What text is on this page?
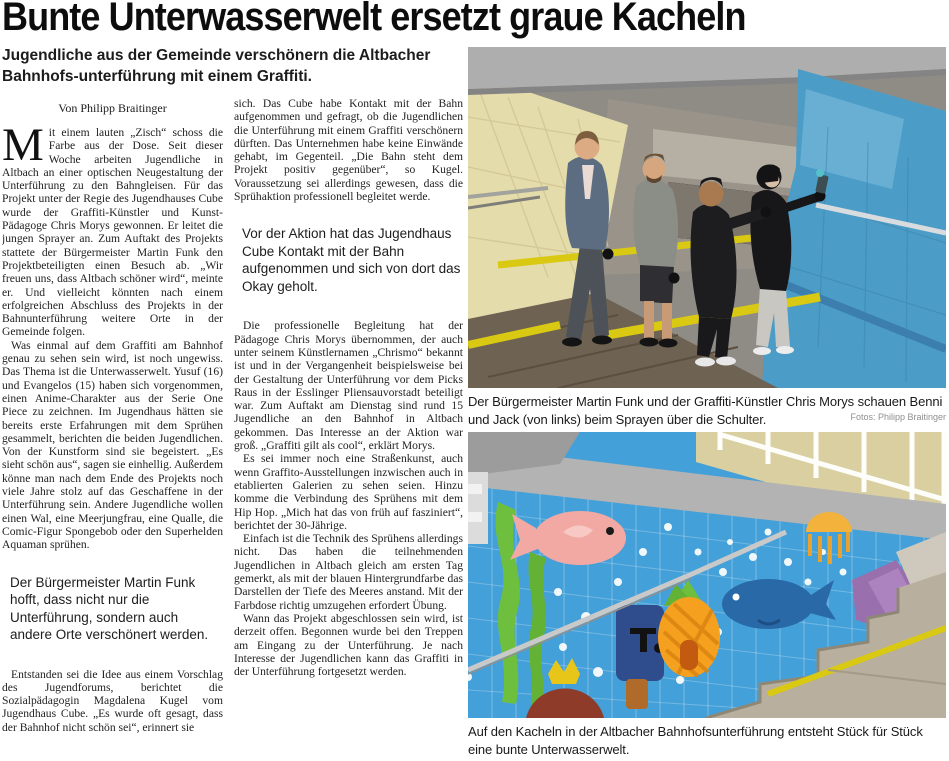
Bunte Unterwasserwelt ersetzt graue Kacheln

Jugendliche aus der Gemeinde verschönern die Altbacher Bahnhofs-unterführung mit einem Graffiti.

Von Philipp Braitinger

Mit einem lauten „Zisch“ schoss die Farbe aus der Dose. Seit dieser Woche arbeiten Jugendliche in Altbach an einer optischen Neugestaltung der Unterführung zu den Bahngleisen. Für das Projekt unter der Regie des Jugendhauses Cube wurde der Graffiti-Künstler und Kunst-Pädagoge Chris Morys gewonnen. Er leitet die jungen Sprayer an. Zum Auftakt des Projekts stattete der Bürgermeister Martin Funk den Projektbeteiligten einen Besuch ab. „Wir freuen uns, dass Altbach schöner wird“, meinte er. Und vielleicht könnten nach einem erfolgreichen Abschluss des Projekts in der Bahnunterführung weitere Orte in der Gemeinde folgen.

Was einmal auf dem Graffiti am Bahnhof genau zu sehen sein wird, ist noch ungewiss. Das Thema ist die Unterwasserwelt. Yusuf (16) und Evangelos (15) haben sich vorgenommen, einen Anime-Charakter aus der Serie One Piece zu zeichnen. Im Jugendhaus hätten sie bereits erste Erfahrungen mit dem Sprühen gesammelt, berichten die beiden Jugendlichen. Von der Kunstform sind sie begeistert. „Es sieht schön aus“, sagen sie einhellig. Außerdem könne man nach dem Ende des Projekts noch viele Jahre stolz auf das Geschaffene in der Unterführung sein. Andere Jugendliche wollen einen Wal, eine Meerjungfrau, eine Qualle, die Comic-Figur Spongebob oder den Superhelden Aquaman sprühen.

Der Bürgermeister Martin Funk hofft, dass nicht nur die Unterführung, sondern auch andere Orte verschönert werden.

Entstanden sei die Idee aus einem Vorschlag des Jugendforums, berichtet die Sozialpädagogin Magdalena Kugel vom Jugendhaus Cube. „Es wurde oft gesagt, dass der Bahnhof nicht schön sei“, erinnert sie

sich. Das Cube habe Kontakt mit der Bahn aufgenommen und gefragt, ob die Jugendlichen die Unterführung mit einem Graffiti verschönern dürften. Das Unternehmen habe keine Einwände gehabt, im Gegenteil. „Die Bahn steht dem Projekt positiv gegenüber“, so Kugel. Voraussetzung sei allerdings gewesen, dass die Sprühaktion professionell begleitet werde.

Vor der Aktion hat das Jugendhaus Cube Kontakt mit der Bahn aufgenommen und sich von dort das Okay geholt.

Die professionelle Begleitung hat der Pädagoge Chris Morys übernommen, der auch unter seinem Künstlernamen „Chrismo“ bekannt ist und in der Vergangenheit beispielsweise bei der Gestaltung der Unterführung vor dem Picks Raus in der Esslinger Pliensauvorstadt beteiligt war. Zum Auftakt am Dienstag sind rund 15 Jugendliche an den Bahnhof in Altbach gekommen. Das Interesse an der Aktion war groß. „Graffiti gilt als cool“, erklärt Morys.

Es sei immer noch eine Straßenkunst, auch wenn Graffito-Ausstellungen inzwischen auch in etablierten Galerien zu sehen seien. Hinzu komme die Verbindung des Sprühens mit dem Hip Hop. „Mich hat das von früh auf fasziniert“, berichtet der 30-Jährige.

Einfach ist die Technik des Sprühens allerdings nicht. Das haben die teilnehmenden Jugendlichen in Altbach gleich am ersten Tag gemerkt, als mit der blauen Hintergrundfarbe das Darstellen der Tiefe des Meeres anstand. Mit der Farbdose richtig umzugehen erfordert Übung.

Wann das Projekt abgeschlossen sein wird, ist derzeit offen. Begonnen wurde bei den Treppen am Eingang zu der Unterführung. Je nach Interesse der Jugendlichen kann das Graffiti in der Unterführung fortgesetzt werden.

Der Bürgermeister Martin Funk und der Graffiti-Künstler Chris Morys schauen Benni und Jack (von links) beim Sprayen über die Schulter.	Fotos: Philipp Braitinger
Auf den Kacheln in der Altbacher Bahnhofsunterführung entsteht Stück für Stück eine bunte Unterwasserwelt.
